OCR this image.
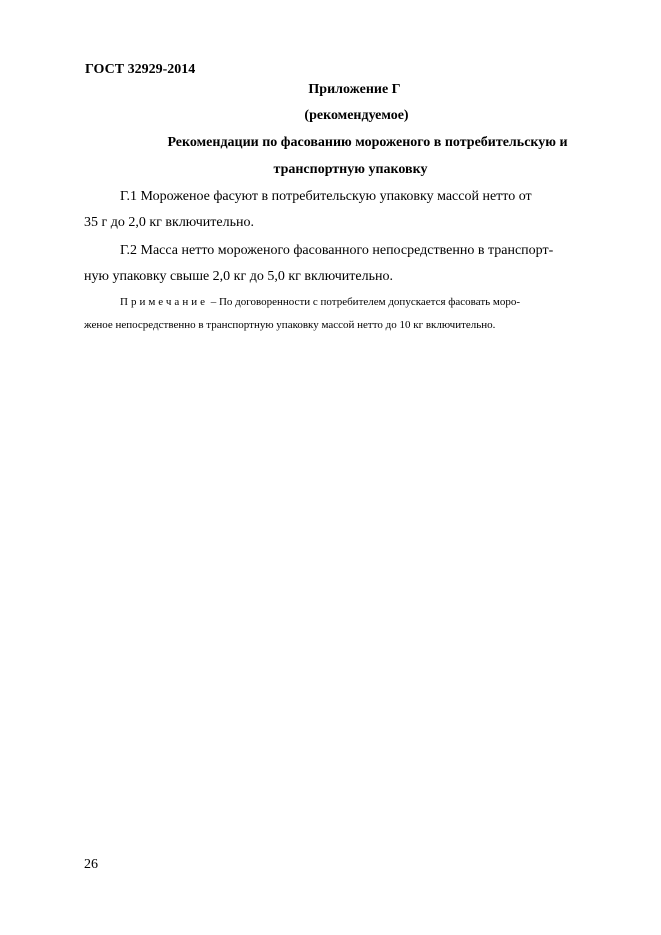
ГОСТ 32929-2014
Приложение Г
(рекомендуемое)
Рекомендации по фасованию мороженого в потребительскую и
транспортную упаковку
Г.1 Мороженое фасуют в потребительскую упаковку массой нетто от
35 г до 2,0 кг включительно.
Г.2 Масса нетто мороженого фасованного непосредственно в транспорт-
ную упаковку свыше 2,0 кг до 5,0 кг включительно.
Примечание – По договоренности с потребителем допускается фасовать моро-
женое непосредственно в транспортную упаковку массой нетто до 10 кг включительно.
26
